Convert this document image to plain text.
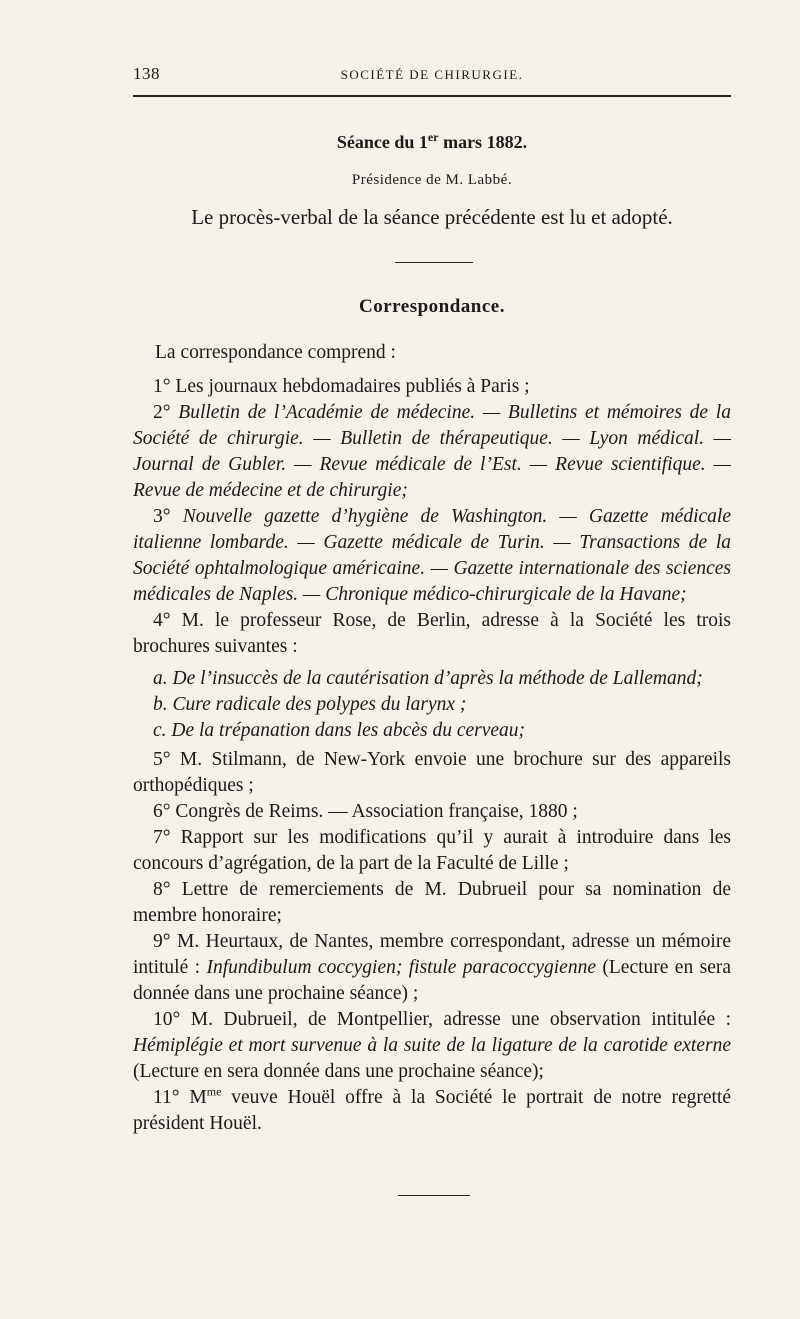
138	SOCIÉTÉ DE CHIRURGIE.
Séance du 1er mars 1882.
Présidence de M. Labbé.
Le procès-verbal de la séance précédente est lu et adopté.
Correspondance.

La correspondance comprend :

1° Les journaux hebdomadaires publiés à Paris ;

2° Bulletin de l’Académie de médecine. — Bulletins et mémoires de la Société de chirurgie. — Bulletin de thérapeutique. — Lyon médical. — Journal de Gubler. — Revue médicale de l’Est. — Revue scientifique. — Revue de médecine et de chirurgie;

3° Nouvelle gazette d’hygiène de Washington. — Gazette médicale italienne lombarde. — Gazette médicale de Turin. — Transactions de la Société ophtalmologique américaine. — Gazette internationale des sciences médicales de Naples. — Chronique médico-chirurgicale de la Havane;

4° M. le professeur Rose, de Berlin, adresse à la Société les trois brochures suivantes :

a. De l’insuccès de la cautérisation d’après la méthode de Lallemand;

b. Cure radicale des polypes du larynx ;

c. De la trépanation dans les abcès du cerveau;

5° M. Stilmann, de New-York envoie une brochure sur des appareils orthopédiques ;

6° Congrès de Reims. — Association française, 1880 ;

7° Rapport sur les modifications qu’il y aurait à introduire dans les concours d’agrégation, de la part de la Faculté de Lille ;

8° Lettre de remerciements de M. Dubrueil pour sa nomination de membre honoraire;

9° M. Heurtaux, de Nantes, membre correspondant, adresse un mémoire intitulé : Infundibulum coccygien; fistule paracoccygienne (Lecture en sera donnée dans une prochaine séance) ;

10° M. Dubrueil, de Montpellier, adresse une observation intitulée : Hémiplégie et mort survenue à la suite de la ligature de la carotide externe (Lecture en sera donnée dans une prochaine séance);

11° $M^{me}$ veuve Houël offre à la Société le portrait de notre regretté président Houël.
